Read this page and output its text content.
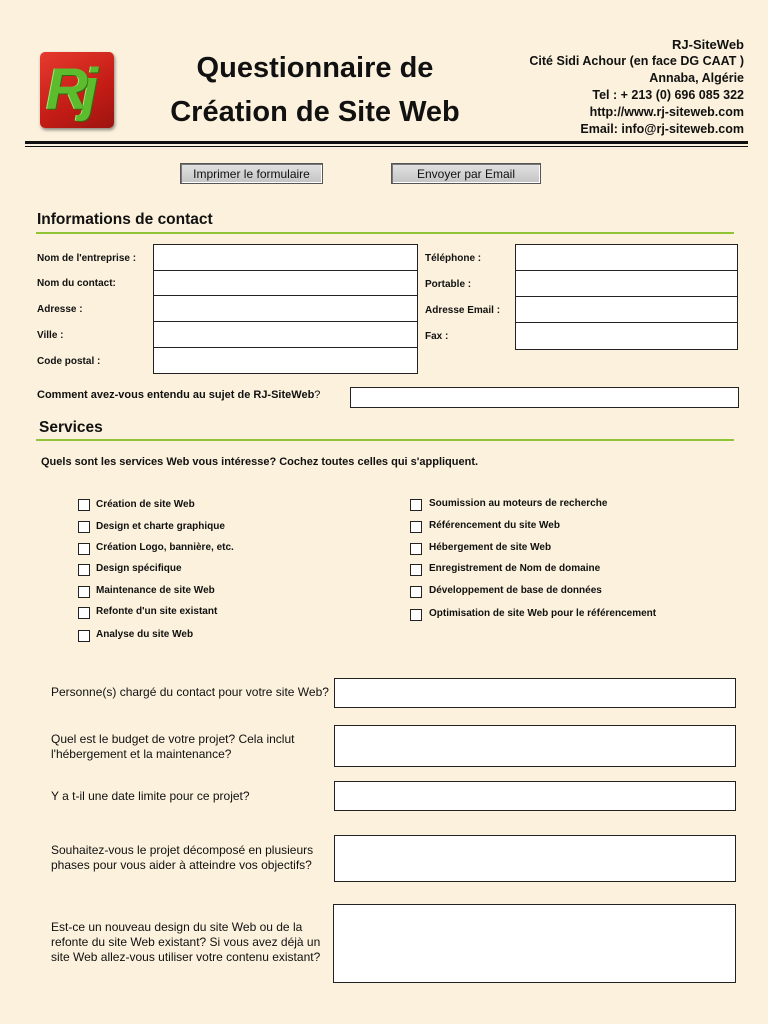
Rj	Questionnaire de
Création de Site Web
RJ-SiteWeb
Cité Sidi Achour (en face DG CAAT )
Annaba, Algérie
Tel : + 213 (0) 696 085 322
http://www.rj-siteweb.com
Email: info@rj-siteweb.com
Imprimer le formulaire	Envoyer par Email
Informations de contact
Nom de l'entreprise :
Nom du contact:
Adresse :
Ville :
Code postal :
Téléphone :
Portable :
Adresse Email :
Fax :
Comment avez-vous entendu au sujet de RJ-SiteWeb?
Services
Quels sont les services Web vous intéresse? Cochez toutes celles qui s'appliquent.
Création de site Web
Design et charte graphique
Création Logo, bannière, etc.
Design spécifique
Maintenance de site Web
Refonte d'un site existant
Analyse du site Web
Soumission au moteurs de recherche
Référencement du site Web
Hébergement de site Web
Enregistrement de Nom de domaine
Développement de base de données
Optimisation de site Web pour le référencement
Personne(s) chargé du contact pour votre site Web?
Quel est le budget de votre projet? Cela inclut l'hébergement et la maintenance?
Y a t-il une date limite pour ce projet?
Souhaitez-vous le projet décomposé en plusieurs phases pour vous aider à atteindre vos objectifs?
Est-ce un nouveau design du site Web ou de la refonte du site Web existant? Si vous avez déjà un site Web allez-vous utiliser votre contenu existant?
